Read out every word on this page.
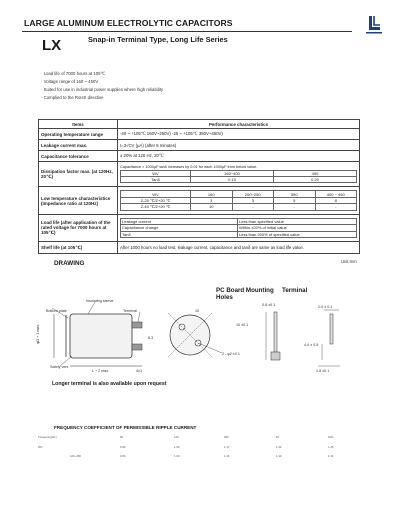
LARGE ALUMINUM ELECTROLYTIC CAPACITORS
LX	Snap-in Terminal Type, Long Life Series
· Load life of 7000 hours at 105℃
· Voltage range of 160 ~ 450V
· Suited for use in industrial power supplies where high reliability
· Complied to the RoHS directive
Items	Performance characteristics
Operating temperature range	-40 ~ +105℃ 160V~250V) -25 ~ +105℃ 350V~450V)
Leakage current max.	I=3√CV (μA) (after 5 minutes)
Capacitance tolerance	± 20% at 120 Hz, 20℃
Dissipation factor max. (at 120Hz, 20℃)	
Capacitance > 1000μF tanδ increases by 0.01 for each 1000μF from below value.
WV	160~400	450
Tanδ	0.15	0.20

Low temperature characteristics (Impedance ratio at 120Hz)	
WV	160	200~250	350	400 ~ 450
Z-25 ℃/Z+20 ℃	3	3	5	8
Z-40 ℃/Z+20 ℃	10	-	-	-

Load life (after application of the rated voltage for 7000 hours at 105℃)	
Leakage current	Less than specified value
Capacitance change	Within ±20% of initial value
Tanδ	Less than 200% of specified value

Shelf life (at 105℃)	After 1000 hours no load test, leakage current, capacitance and tanδ are same as load life value.
DRAWING	Unit:mm
Insulating sleeve
Bottom plate	Terminal
Safety vent
L + 2 max.	4±1
φD + 1 max.	6.3
PC Board Mounting Holes
10
10 ±0.1
2 - φ2 ±0.1
Terminal
0.8 ±0.1	2.0 ± 0.1
4.0 ± 0.5
1.5 ±0.1
Longer terminal is also available upon request
FREQUENCY COEFFICIENT OF PERMISSIBLE RIPPLE CURRENT
Frequency(Hz)	50	120	300	1K	10K~
WV	0.80	1.00	1.17	1.32	1.45
160~450	0.80	1.00	1.16	1.30	1.41
